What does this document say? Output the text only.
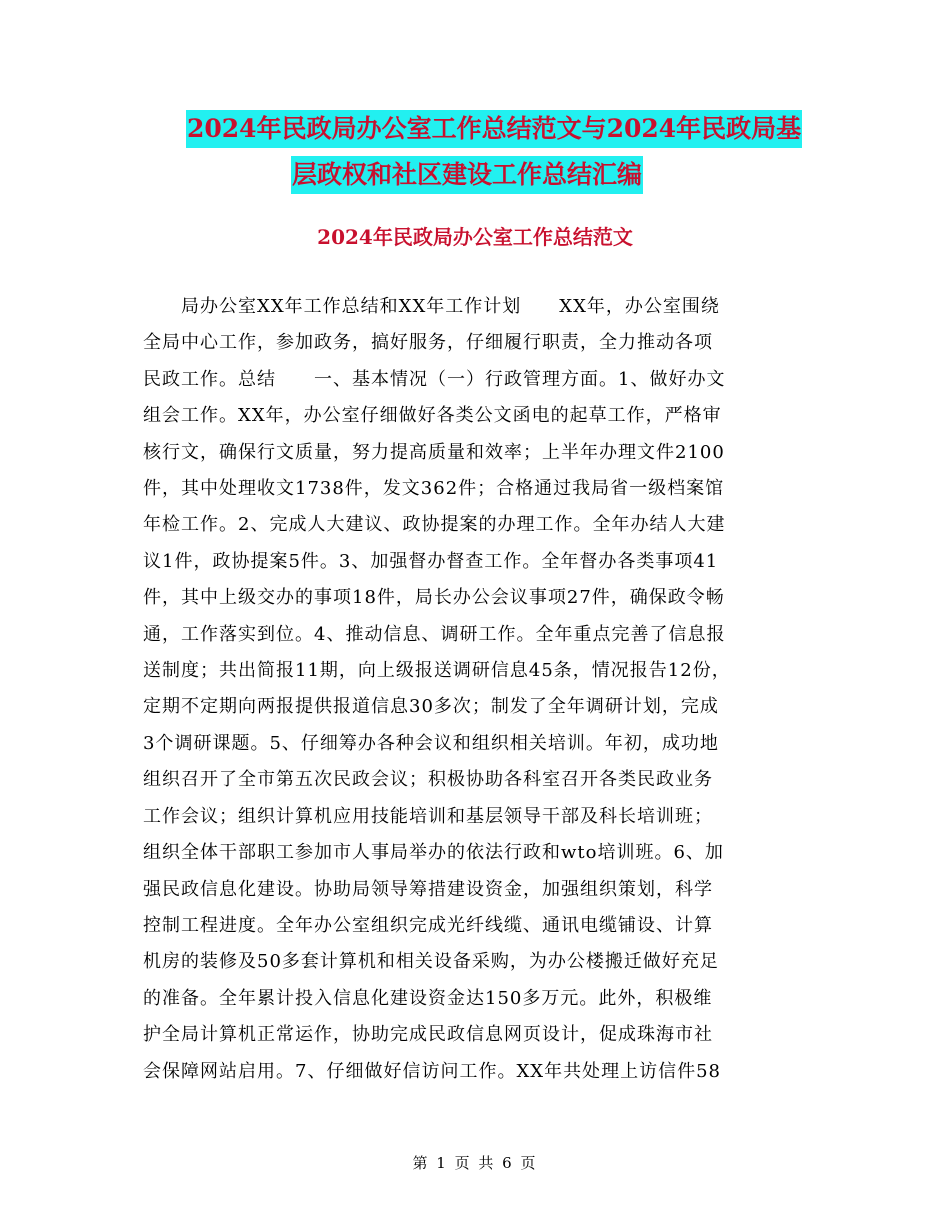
2024年民政局办公室工作总结范文与2024年民政局基
层政权和社区建设工作总结汇编
2024年民政局办公室工作总结范文
　　局办公室XX年工作总结和XX年工作计划　　XX年，办公室围绕
全局中心工作，参加政务，搞好服务，仔细履行职责，全力推动各项
民政工作。总结　　一、基本情况（一）行政管理方面。1、做好办文
组会工作。XX年，办公室仔细做好各类公文函电的起草工作，严格审
核行文，确保行文质量，努力提高质量和效率；上半年办理文件2100
件，其中处理收文1738件，发文362件；合格通过我局省一级档案馆
年检工作。2、完成人大建议、政协提案的办理工作。全年办结人大建
议1件，政协提案5件。3、加强督办督查工作。全年督办各类事项41
件，其中上级交办的事项18件，局长办公会议事项27件，确保政令畅
通，工作落实到位。4、推动信息、调研工作。全年重点完善了信息报
送制度；共出简报11期，向上级报送调研信息45条，情况报告12份，
定期不定期向两报提供报道信息30多次；制发了全年调研计划，完成
3个调研课题。5、仔细筹办各种会议和组织相关培训。年初，成功地
组织召开了全市第五次民政会议；积极协助各科室召开各类民政业务
工作会议；组织计算机应用技能培训和基层领导干部及科长培训班；
组织全体干部职工参加市人事局举办的依法行政和wto培训班。6、加
强民政信息化建设。协助局领导筹措建设资金，加强组织策划，科学
控制工程进度。全年办公室组织完成光纤线缆、通讯电缆铺设、计算
机房的装修及50多套计算机和相关设备采购，为办公楼搬迁做好充足
的准备。全年累计投入信息化建设资金达150多万元。此外，积极维
护全局计算机正常运作，协助完成民政信息网页设计，促成珠海市社
会保障网站启用。7、仔细做好信访问工作。XX年共处理上访信件58
第 1 页 共 6 页
